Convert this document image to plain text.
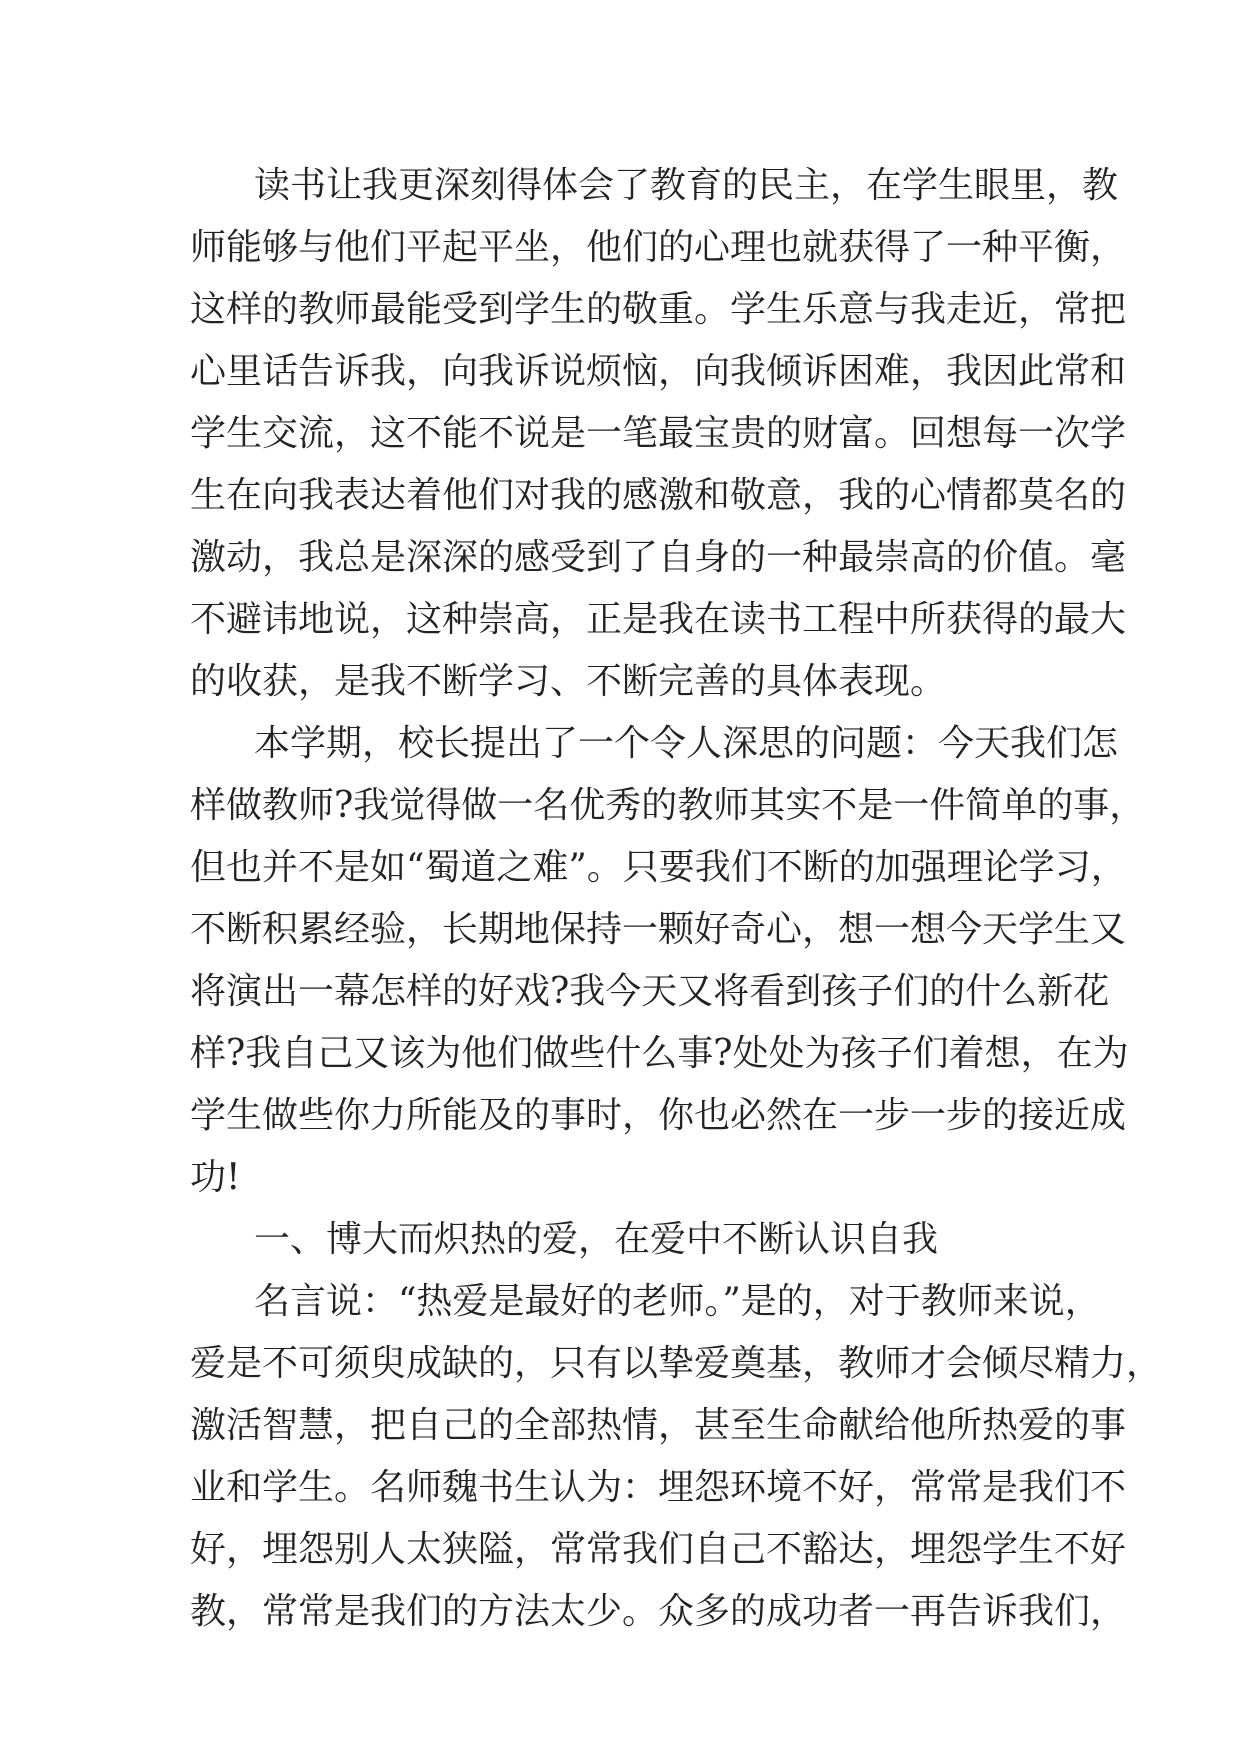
读书让我更深刻得体会了教育的民主，在学生眼里，教
师能够与他们平起平坐，他们的心理也就获得了一种平衡，
这样的教师最能受到学生的敬重。学生乐意与我走近，常把
心里话告诉我，向我诉说烦恼，向我倾诉困难，我因此常和
学生交流，这不能不说是一笔最宝贵的财富。回想每一次学
生在向我表达着他们对我的感激和敬意，我的心情都莫名的
激动，我总是深深的感受到了自身的一种最崇高的价值。毫
不避讳地说，这种崇高，正是我在读书工程中所获得的最大
的收获，是我不断学习、不断完善的具体表现。
本学期，校长提出了一个令人深思的问题：今天我们怎
样做教师?我觉得做一名优秀的教师其实不是一件简单的事，
但也并不是如“蜀道之难”。只要我们不断的加强理论学习，
不断积累经验，长期地保持一颗好奇心，想一想今天学生又
将演出一幕怎样的好戏?我今天又将看到孩子们的什么新花
样?我自己又该为他们做些什么事?处处为孩子们着想，在为
学生做些你力所能及的事时，你也必然在一步一步的接近成
功!
一、博大而炽热的爱，在爱中不断认识自我
名言说：“热爱是最好的老师。”是的，对于教师来说，
爱是不可须臾成缺的，只有以挚爱奠基，教师才会倾尽精力，
激活智慧，把自己的全部热情，甚至生命献给他所热爱的事
业和学生。名师魏书生认为：埋怨环境不好，常常是我们不
好，埋怨别人太狭隘，常常我们自己不豁达，埋怨学生不好
教，常常是我们的方法太少。众多的成功者一再告诉我们，
